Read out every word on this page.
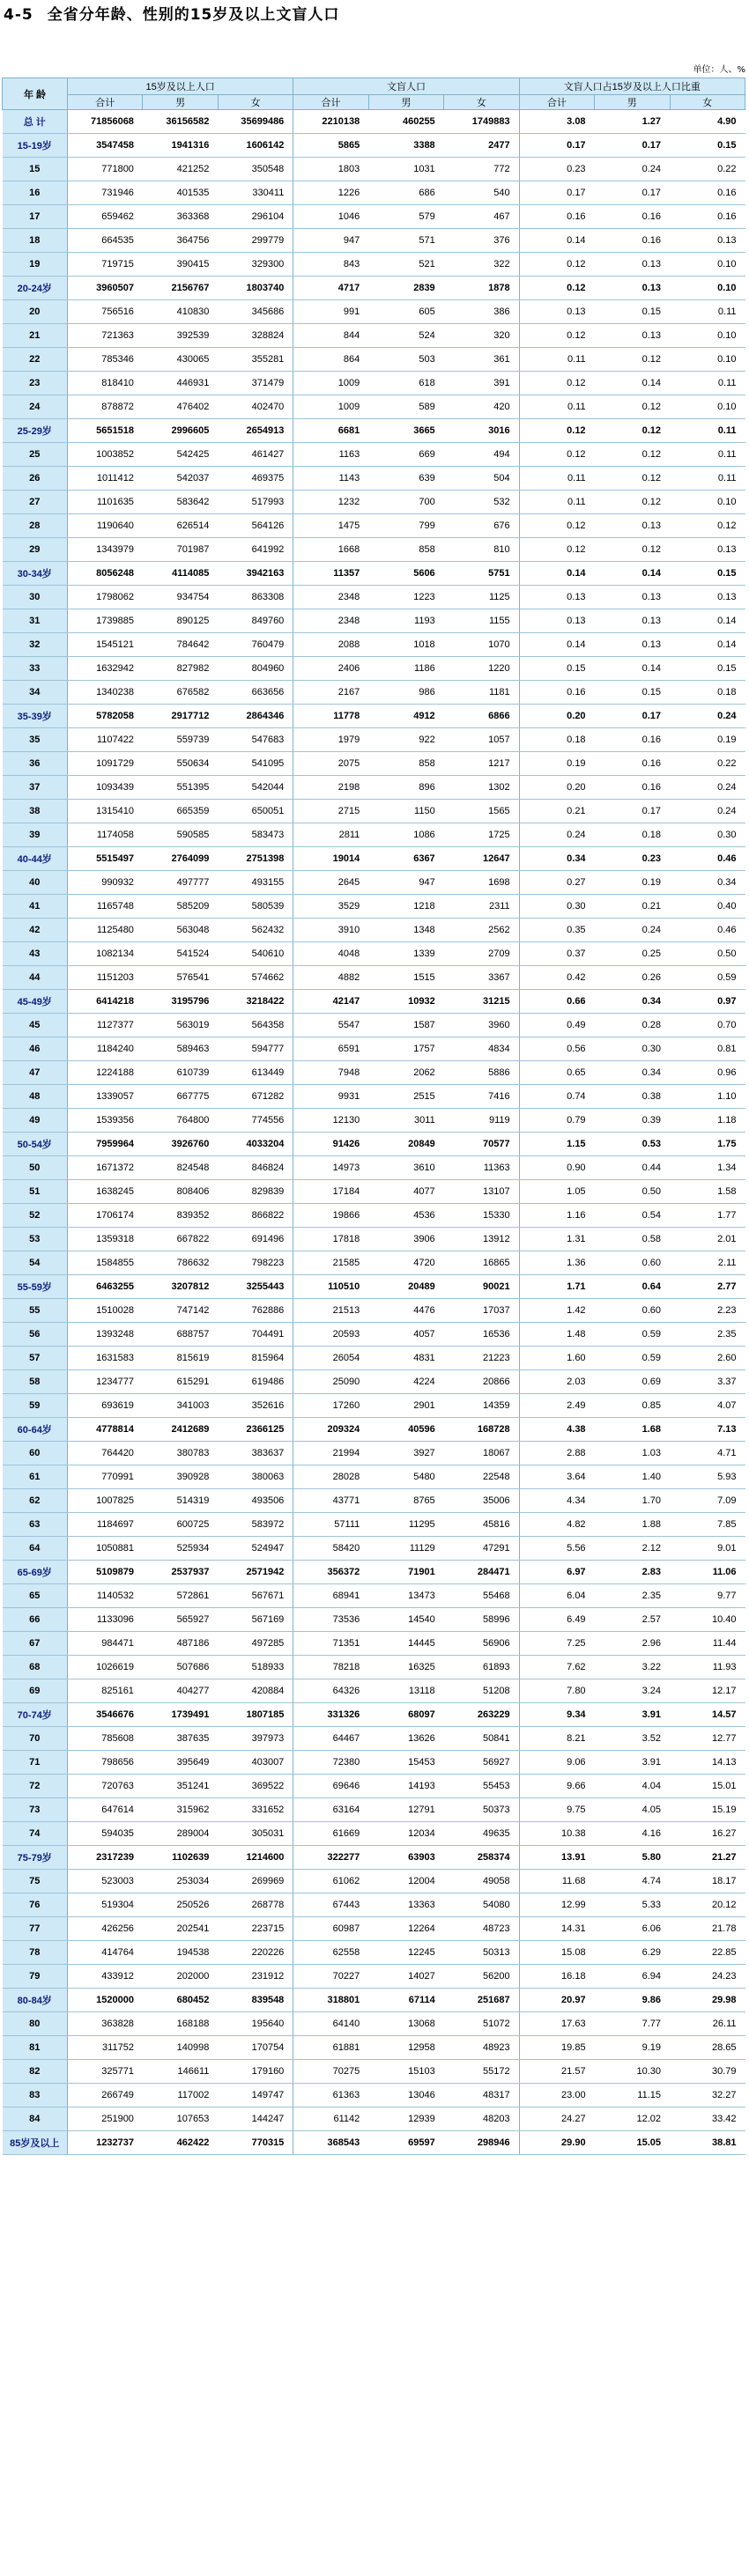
4-5 全省分年龄、性别的15岁及以上文盲人口
单位：人、%
年 龄	15岁及以上人口			文盲人口			文盲人口占15岁及以上人口比重		
	合计	男	女	合计	男	女	合计	男	女
总 计	71856068	36156582	35699486	2210138	460255	1749883	3.08	1.27	4.90
15-19岁	3547458	1941316	1606142	5865	3388	2477	0.17	0.17	0.15
15	771800	421252	350548	1803	1031	772	0.23	0.24	0.22
16	731946	401535	330411	1226	686	540	0.17	0.17	0.16
17	659462	363368	296104	1046	579	467	0.16	0.16	0.16
18	664535	364756	299779	947	571	376	0.14	0.16	0.13
19	719715	390415	329300	843	521	322	0.12	0.13	0.10
20-24岁	3960507	2156767	1803740	4717	2839	1878	0.12	0.13	0.10
20	756516	410830	345686	991	605	386	0.13	0.15	0.11
21	721363	392539	328824	844	524	320	0.12	0.13	0.10
22	785346	430065	355281	864	503	361	0.11	0.12	0.10
23	818410	446931	371479	1009	618	391	0.12	0.14	0.11
24	878872	476402	402470	1009	589	420	0.11	0.12	0.10
25-29岁	5651518	2996605	2654913	6681	3665	3016	0.12	0.12	0.11
25	1003852	542425	461427	1163	669	494	0.12	0.12	0.11
26	1011412	542037	469375	1143	639	504	0.11	0.12	0.11
27	1101635	583642	517993	1232	700	532	0.11	0.12	0.10
28	1190640	626514	564126	1475	799	676	0.12	0.13	0.12
29	1343979	701987	641992	1668	858	810	0.12	0.12	0.13
30-34岁	8056248	4114085	3942163	11357	5606	5751	0.14	0.14	0.15
30	1798062	934754	863308	2348	1223	1125	0.13	0.13	0.13
31	1739885	890125	849760	2348	1193	1155	0.13	0.13	0.14
32	1545121	784642	760479	2088	1018	1070	0.14	0.13	0.14
33	1632942	827982	804960	2406	1186	1220	0.15	0.14	0.15
34	1340238	676582	663656	2167	986	1181	0.16	0.15	0.18
35-39岁	5782058	2917712	2864346	11778	4912	6866	0.20	0.17	0.24
35	1107422	559739	547683	1979	922	1057	0.18	0.16	0.19
36	1091729	550634	541095	2075	858	1217	0.19	0.16	0.22
37	1093439	551395	542044	2198	896	1302	0.20	0.16	0.24
38	1315410	665359	650051	2715	1150	1565	0.21	0.17	0.24
39	1174058	590585	583473	2811	1086	1725	0.24	0.18	0.30
40-44岁	5515497	2764099	2751398	19014	6367	12647	0.34	0.23	0.46
40	990932	497777	493155	2645	947	1698	0.27	0.19	0.34
41	1165748	585209	580539	3529	1218	2311	0.30	0.21	0.40
42	1125480	563048	562432	3910	1348	2562	0.35	0.24	0.46
43	1082134	541524	540610	4048	1339	2709	0.37	0.25	0.50
44	1151203	576541	574662	4882	1515	3367	0.42	0.26	0.59
45-49岁	6414218	3195796	3218422	42147	10932	31215	0.66	0.34	0.97
45	1127377	563019	564358	5547	1587	3960	0.49	0.28	0.70
46	1184240	589463	594777	6591	1757	4834	0.56	0.30	0.81
47	1224188	610739	613449	7948	2062	5886	0.65	0.34	0.96
48	1339057	667775	671282	9931	2515	7416	0.74	0.38	1.10
49	1539356	764800	774556	12130	3011	9119	0.79	0.39	1.18
50-54岁	7959964	3926760	4033204	91426	20849	70577	1.15	0.53	1.75
50	1671372	824548	846824	14973	3610	11363	0.90	0.44	1.34
51	1638245	808406	829839	17184	4077	13107	1.05	0.50	1.58
52	1706174	839352	866822	19866	4536	15330	1.16	0.54	1.77
53	1359318	667822	691496	17818	3906	13912	1.31	0.58	2.01
54	1584855	786632	798223	21585	4720	16865	1.36	0.60	2.11
55-59岁	6463255	3207812	3255443	110510	20489	90021	1.71	0.64	2.77
55	1510028	747142	762886	21513	4476	17037	1.42	0.60	2.23
56	1393248	688757	704491	20593	4057	16536	1.48	0.59	2.35
57	1631583	815619	815964	26054	4831	21223	1.60	0.59	2.60
58	1234777	615291	619486	25090	4224	20866	2.03	0.69	3.37
59	693619	341003	352616	17260	2901	14359	2.49	0.85	4.07
60-64岁	4778814	2412689	2366125	209324	40596	168728	4.38	1.68	7.13
60	764420	380783	383637	21994	3927	18067	2.88	1.03	4.71
61	770991	390928	380063	28028	5480	22548	3.64	1.40	5.93
62	1007825	514319	493506	43771	8765	35006	4.34	1.70	7.09
63	1184697	600725	583972	57111	11295	45816	4.82	1.88	7.85
64	1050881	525934	524947	58420	11129	47291	5.56	2.12	9.01
65-69岁	5109879	2537937	2571942	356372	71901	284471	6.97	2.83	11.06
65	1140532	572861	567671	68941	13473	55468	6.04	2.35	9.77
66	1133096	565927	567169	73536	14540	58996	6.49	2.57	10.40
67	984471	487186	497285	71351	14445	56906	7.25	2.96	11.44
68	1026619	507686	518933	78218	16325	61893	7.62	3.22	11.93
69	825161	404277	420884	64326	13118	51208	7.80	3.24	12.17
70-74岁	3546676	1739491	1807185	331326	68097	263229	9.34	3.91	14.57
70	785608	387635	397973	64467	13626	50841	8.21	3.52	12.77
71	798656	395649	403007	72380	15453	56927	9.06	3.91	14.13
72	720763	351241	369522	69646	14193	55453	9.66	4.04	15.01
73	647614	315962	331652	63164	12791	50373	9.75	4.05	15.19
74	594035	289004	305031	61669	12034	49635	10.38	4.16	16.27
75-79岁	2317239	1102639	1214600	322277	63903	258374	13.91	5.80	21.27
75	523003	253034	269969	61062	12004	49058	11.68	4.74	18.17
76	519304	250526	268778	67443	13363	54080	12.99	5.33	20.12
77	426256	202541	223715	60987	12264	48723	14.31	6.06	21.78
78	414764	194538	220226	62558	12245	50313	15.08	6.29	22.85
79	433912	202000	231912	70227	14027	56200	16.18	6.94	24.23
80-84岁	1520000	680452	839548	318801	67114	251687	20.97	9.86	29.98
80	363828	168188	195640	64140	13068	51072	17.63	7.77	26.11
81	311752	140998	170754	61881	12958	48923	19.85	9.19	28.65
82	325771	146611	179160	70275	15103	55172	21.57	10.30	30.79
83	266749	117002	149747	61363	13046	48317	23.00	11.15	32.27
84	251900	107653	144247	61142	12939	48203	24.27	12.02	33.42
85岁及以上	1232737	462422	770315	368543	69597	298946	29.90	15.05	38.81
